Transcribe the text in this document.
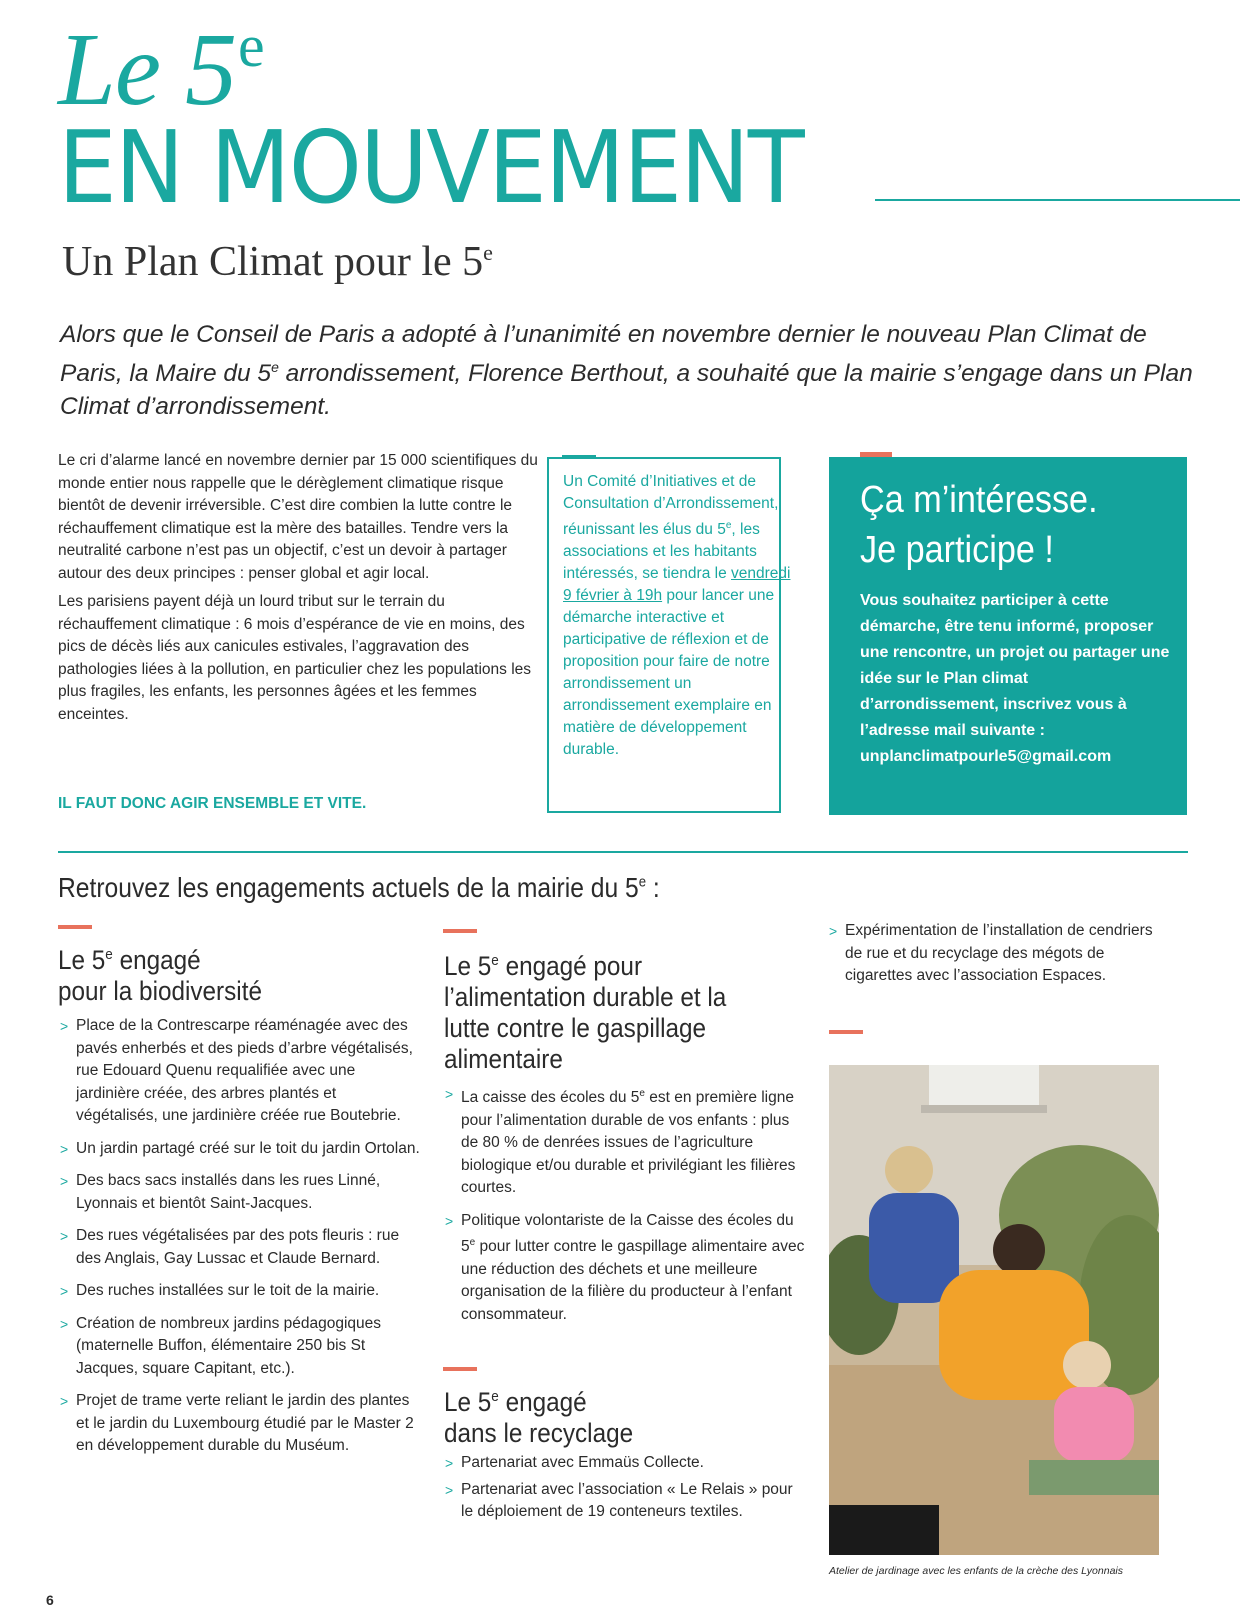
Le 5e
EN MOUVEMENT
Un Plan Climat pour le 5e
Alors que le Conseil de Paris a adopté à l’unanimité en novembre dernier le nouveau Plan Climat de Paris, la Maire du 5e arrondissement, Florence Berthout, a souhaité que la mairie s’engage dans un Plan Climat d’arrondissement.

Le cri d’alarme lancé en novembre dernier par 15 000 scientifiques du monde entier nous rappelle que le dérèglement climatique risque bientôt de devenir irréversible. C’est dire combien la lutte contre le réchauffement climatique est la mère des batailles. Tendre vers la neutralité carbone n’est pas un objectif, c’est un devoir à partager autour des deux principes : penser global et agir local.

Les parisiens payent déjà un lourd tribut sur le terrain du réchauffement climatique : 6 mois d’espérance de vie en moins, des pics de décès liés aux canicules estivales, l’aggravation des pathologies liées à la pollution, en particulier chez les populations les plus fragiles, les enfants, les personnes âgées et les femmes enceintes.

IL FAUT DONC AGIR ENSEMBLE ET VITE.
Un Comité d’Initiatives et de Consultation d’Arrondissement, réunissant les élus du 5e, les associations et les habitants intéressés, se tiendra le vendredi 9 février à 19h pour lancer une démarche interactive et participative de réflexion et de proposition pour faire de notre arrondissement un arrondissement exemplaire en matière de développement durable.
Ça m’intéresse.
Je participe !
Vous souhaitez participer à cette démarche, être tenu informé, proposer une rencontre, un projet ou partager une idée sur le Plan climat d’arrondissement, inscrivez vous à l’adresse mail suivante :
unplanclimatpourle5@gmail.com
Retrouvez les engagements actuels de la mairie du 5e :
Le 5e engagé
pour la biodiversité
> Place de la Contrescarpe réaménagée avec des pavés enherbés et des pieds d’arbre végétalisés, rue Edouard Quenu requalifiée avec une jardinière créée, des arbres plantés et végétalisés, une jardinière créée rue Boutebrie.
> Un jardin partagé créé sur le toit du jardin Ortolan.
> Des bacs sacs installés dans les rues Linné, Lyonnais et bientôt Saint-Jacques.
> Des rues végétalisées par des pots fleuris : rue des Anglais, Gay Lussac et Claude Bernard.
> Des ruches installées sur le toit de la mairie.
> Création de nombreux jardins pédagogiques (maternelle Buffon, élémentaire 250 bis St Jacques, square Capitant, etc.).
> Projet de trame verte reliant le jardin des plantes et le jardin du Luxembourg étudié par le Master 2 en développement durable du Muséum.
Le 5e engagé pour
l’alimentation durable et la lutte contre le gaspillage alimentaire
> La caisse des écoles du 5e est en première ligne pour l’alimentation durable de vos enfants : plus de 80 % de denrées issues de l’agriculture biologique et/ou durable et privilégiant les filières courtes.
> Politique volontariste de la Caisse des écoles du 5e pour lutter contre le gaspillage alimentaire avec une réduction des déchets et une meilleure organisation de la filière du producteur à l’enfant consommateur.
Le 5e engagé
dans le recyclage
> Partenariat avec Emmaüs Collecte.
> Partenariat avec l’association « Le Relais » pour le déploiement de 19 conteneurs textiles.
> Expérimentation de l’installation de cendriers de rue et du recyclage des mégots de cigarettes avec l’association Espaces.
Atelier de jardinage avec les enfants de la crèche des Lyonnais
6
